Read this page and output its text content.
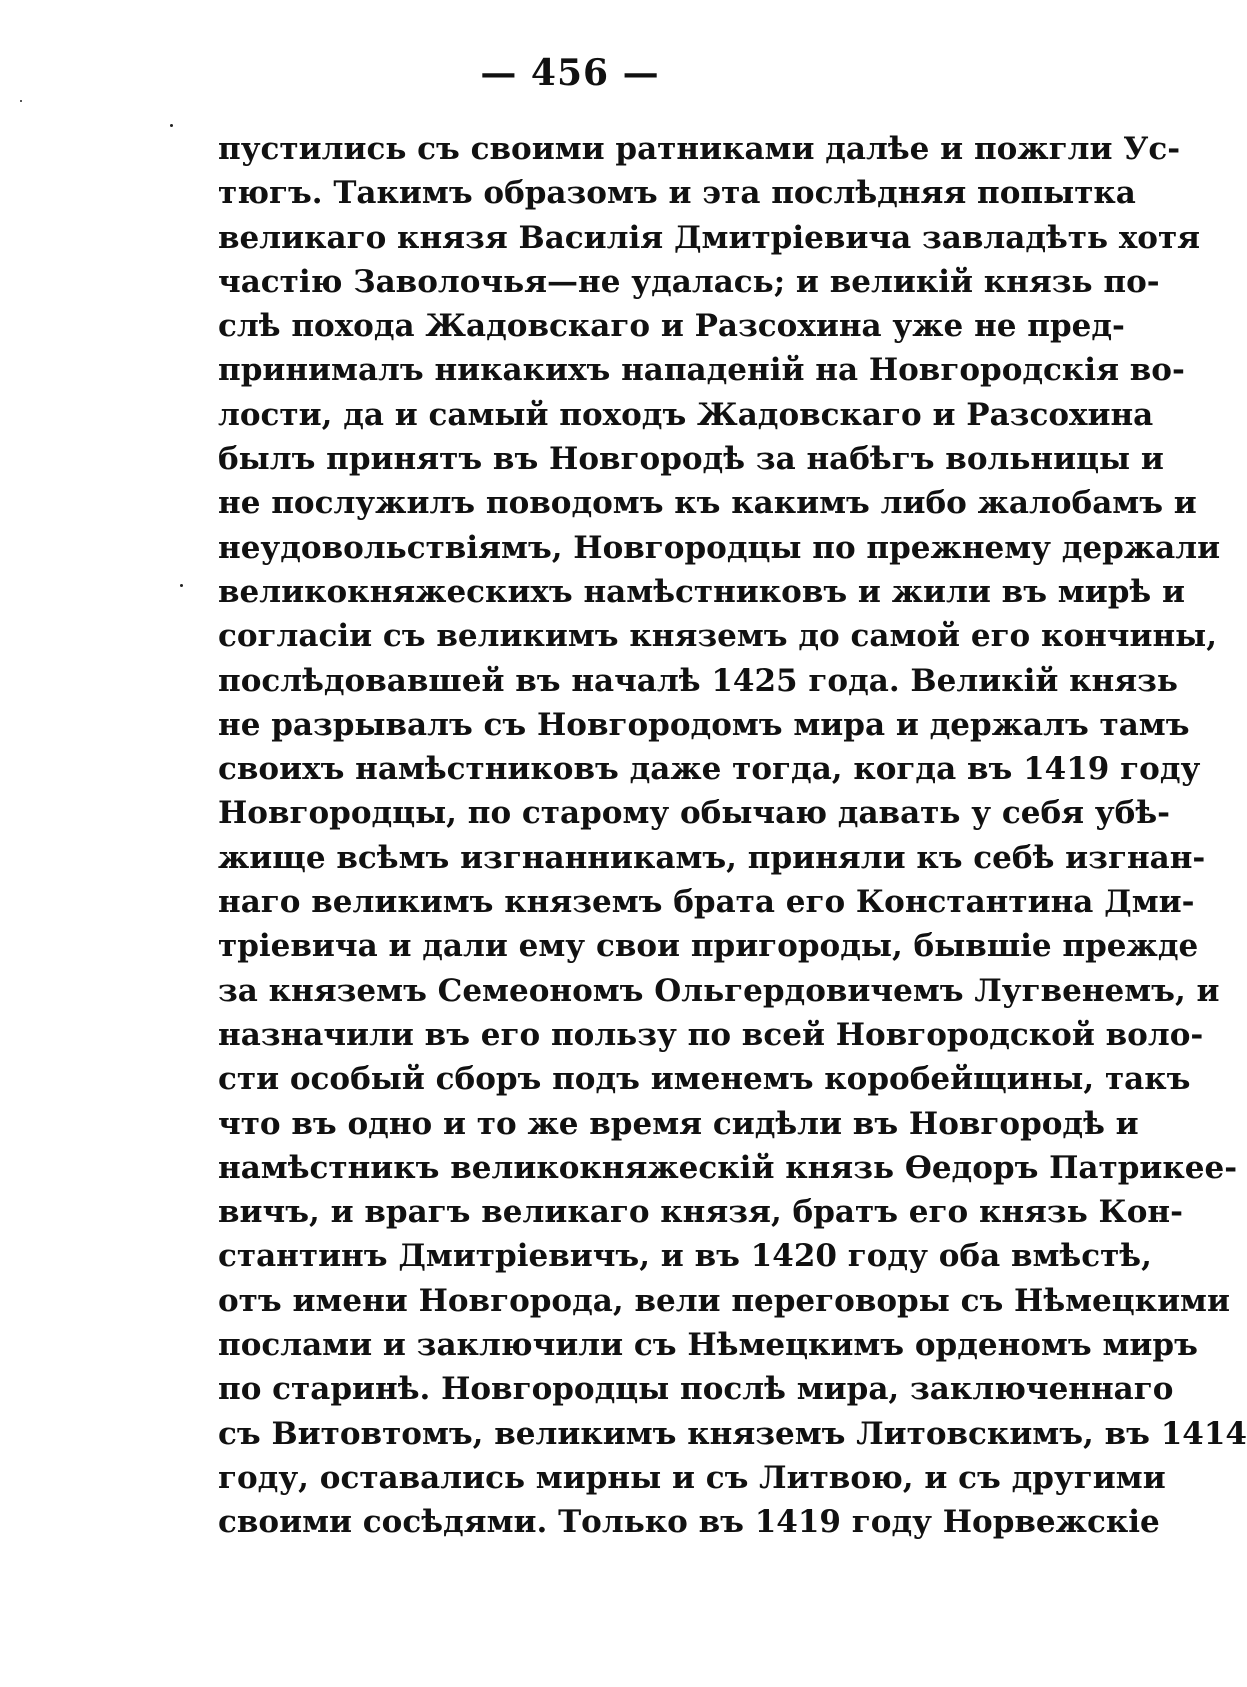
— 456 —
пустились съ своими ратниками далѣе и пожгли Ус-
тюгъ. Такимъ образомъ и эта послѣдняя попытка
великаго князя Василія Дмитріевича завладѣть хотя
частію Заволочья—не удалась; и великій князь по-
слѣ похода Жадовскаго и Разсохина уже не пред-
принималъ никакихъ нападеній на Новгородскія во-
лости, да и самый походъ Жадовскаго и Разсохина
былъ принятъ въ Новгородѣ за набѣгъ вольницы и
не послужилъ поводомъ къ какимъ либо жалобамъ и
неудовольствіямъ, Новгородцы по прежнему держали
великокняжескихъ намѣстниковъ и жили въ мирѣ и
согласіи съ великимъ княземъ до самой его кончины,
послѣдовавшей въ началѣ 1425 года. Великій князь
не разрывалъ съ Новгородомъ мира и держалъ тамъ
своихъ намѣстниковъ даже тогда, когда въ 1419 году
Новгородцы, по старому обычаю давать у себя убѣ-
жище всѣмъ изгнанникамъ, приняли къ себѣ изгнан-
наго великимъ княземъ брата его Константина Дми-
тріевича и дали ему свои пригороды, бывшіе прежде
за княземъ Семеономъ Ольгердовичемъ Лугвенемъ, и
назначили въ его пользу по всей Новгородской воло-
сти особый сборъ подъ именемъ коробейщины, такъ
что въ одно и то же время сидѣли въ Новгородѣ и
намѣстникъ великокняжескій князь Ѳедоръ Патрикее-
вичъ, и врагъ великаго князя, братъ его князь Кон-
стантинъ Дмитріевичъ, и въ 1420 году оба вмѣстѣ,
отъ имени Новгорода, вели переговоры съ Нѣмецкими
послами и заключили съ Нѣмецкимъ орденомъ миръ
по старинѣ. Новгородцы послѣ мира, заключеннаго
съ Витовтомъ, великимъ княземъ Литовскимъ, въ 1414
году, оставались мирны и съ Литвою, и съ другими
своими сосѣдями. Только въ 1419 году Норвежскіе
